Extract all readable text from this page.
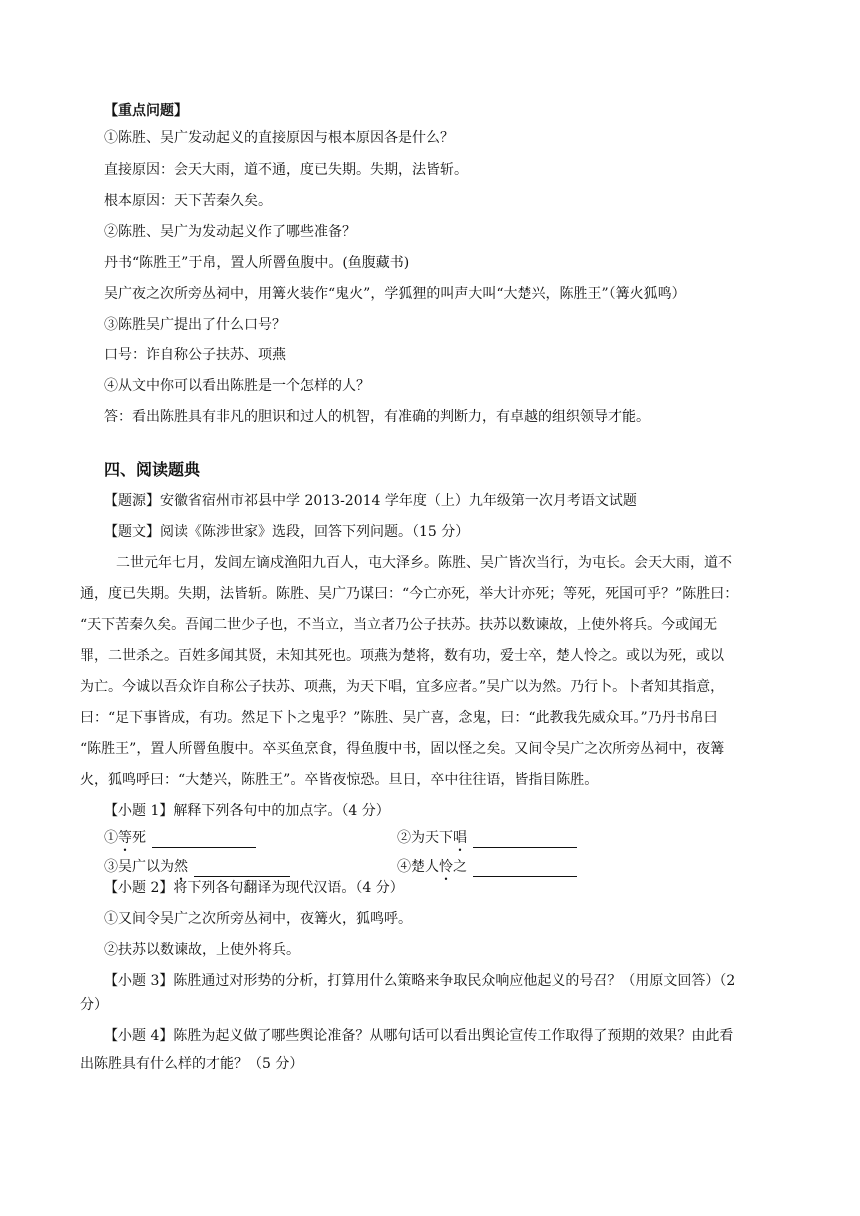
【重点问题】
①陈胜、吴广发动起义的直接原因与根本原因各是什么？
直接原因：会天大雨，道不通，度已失期。失期，法皆斩。
根本原因：天下苦秦久矣。
②陈胜、吴广为发动起义作了哪些准备？
丹书“陈胜王”于帛，置人所罾鱼腹中。(鱼腹藏书)
吴广夜之次所旁丛祠中，用篝火装作“鬼火”，学狐狸的叫声大叫“大楚兴，陈胜王”（篝火狐鸣）
③陈胜吴广提出了什么口号？
口号：诈自称公子扶苏、项燕
④从文中你可以看出陈胜是一个怎样的人？
答：看出陈胜具有非凡的胆识和过人的机智，有准确的判断力，有卓越的组织领导才能。
四、阅读题典
【题源】安徽省宿州市祁县中学 2013-2014 学年度（上）九年级第一次月考语文试题
【题文】阅读《陈涉世家》选段，回答下列问题。（15 分）
二世元年七月，发闾左谪戍渔阳九百人，屯大泽乡。陈胜、吴广皆次当行，为屯长。会天大雨，道不
通，度已失期。失期，法皆斩。陈胜、吴广乃谋曰：“今亡亦死，举大计亦死；等死，死国可乎？”陈胜曰：
“天下苦秦久矣。吾闻二世少子也，不当立，当立者乃公子扶苏。扶苏以数谏故，上使外将兵。今或闻无
罪，二世杀之。百姓多闻其贤，未知其死也。项燕为楚将，数有功，爱士卒，楚人怜之。或以为死，或以
为亡。今诚以吾众诈自称公子扶苏、项燕，为天下唱，宜多应者。”吴广以为然。乃行卜。卜者知其指意，
曰：“足下事皆成，有功。然足下卜之鬼乎？”陈胜、吴广喜，念鬼，曰：“此教我先威众耳。”乃丹书帛曰
“陈胜王”，置人所罾鱼腹中。卒买鱼烹食，得鱼腹中书，固以怪之矣。又间令吴广之次所旁丛祠中，夜篝
火，狐鸣呼曰：“大楚兴，陈胜王”。卒皆夜惊恐。旦日，卒中往往语，皆指目陈胜。
【小题 1】解释下列各句中的加点字。（4 分）
①等死	②为天下唱
③吴广以为然	④楚人怜之
【小题 2】将下列各句翻译为现代汉语。（4 分）
①又间令吴广之次所旁丛祠中，夜篝火，狐鸣呼。
②扶苏以数谏故，上使外将兵。
【小题 3】陈胜通过对形势的分析，打算用什么策略来争取民众响应他起义的号召？（用原文回答）（2
分）
【小题 4】陈胜为起义做了哪些舆论准备？从哪句话可以看出舆论宣传工作取得了预期的效果？由此看
出陈胜具有什么样的才能？（5 分）
